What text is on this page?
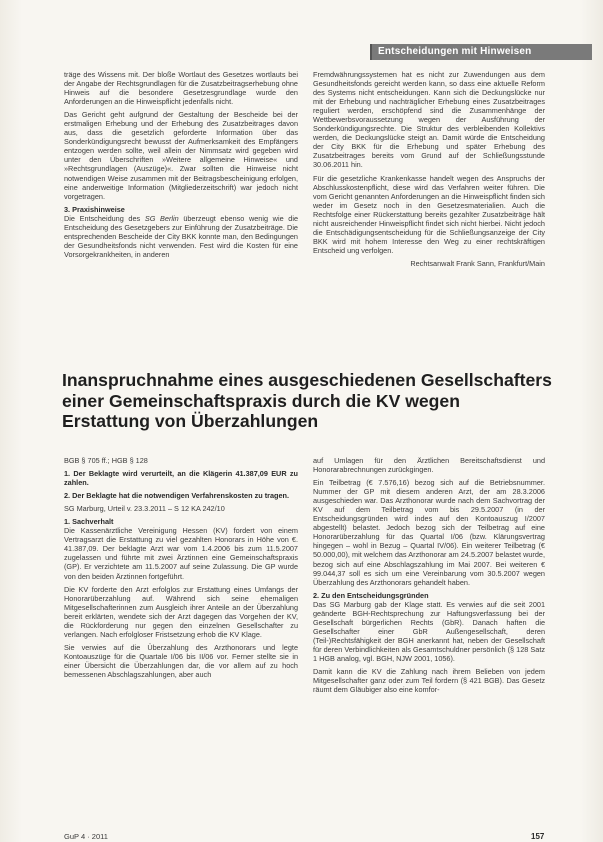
Entscheidungen mit Hinweisen

träge des Wissens mit. Der bloße Wortlaut des Gesetzes wortlauts bei der Angabe der Rechtsgrundlagen für die Zusatzbeitragserhebung ohne Hinweis auf die besondere Gesetzesgrundlage wurde den Anforderungen an die Hinweispflicht jedenfalls nicht.

Das Gericht geht aufgrund der Gestaltung der Bescheide bei der erstmaligen Erhebung und der Erhebung des Zusatzbeitrages davon aus, dass die gesetzlich geforderte Information über das Sonderkündigungsrecht bewusst der Aufmerksamkeit des Empfängers entzogen werden sollte, weil allein der Nimmsatz wird gegeben wird unter den Überschriften »Weitere allgemeine Hinweise« und »Rechtsgrundlagen (Auszüge)«. Zwar sollten die Hinweise nicht notwendigen Weise zusammen mit der Beitragsbescheinigung erfolgen, eine anderweitige Information (Mitgliederzeitschrift) war jedoch nicht vorgetragen.

3. Praxishinweise

Die Entscheidung des SG Berlin überzeugt ebenso wenig wie die Entscheidung des Gesetzgebers zur Einführung der Zusatzbeiträge. Die entsprechenden Bescheide der City BKK konnte man, den Bedingungen der Gesundheitsfonds nicht verwenden. Fest wird die Kosten für eine Vorsorgekrankheiten, in anderen

Fremdwährungssystemen hat es nicht zur Zuwendungen aus dem Gesundheitsfonds gereicht werden kann, so dass eine aktuelle Reform des Systems nicht entscheidungen. Kann sich die Deckungslücke nur mit der Erhebung und nachträglicher Erhebung eines Zusatzbeitrages reguliert werden, erschöpfend sind die Zusammenhänge der Wettbewerbsvoraussetzung wegen der Ausführung der Sonderkündigungsrechte. Die Struktur des verbleibenden Kollektivs werden, die Deckungslücke steigt an. Damit würde die Entscheidung der City BKK für die Erhebung und später Erhebung des Zusatzbeitrages bereits vom Grund auf der Schließungsstunde 30.06.2011 hin.

Für die gesetzliche Krankenkasse handelt wegen des Anspruchs der Abschlusskostenpflicht, diese wird das Verfahren weiter führen. Die vom Gericht genannten Anforderungen an die Hinweispflicht finden sich weder im Gesetz noch in den Gesetzesmaterialien. Auch die Rechtsfolge einer Rückerstattung bereits gezahlter Zusatzbeiträge hält nicht ausreichender Hinweispflicht findet sich nicht hierbei. Nicht jedoch die Entschädigungsentscheidung für die Schließungsanzeige der City BKK wird mit hohem Interesse den Weg zu einer rechtskräftigen Entscheid ung verfolgen.

Rechtsanwalt Frank Sann, Frankfurt/Main

Inanspruchnahme eines ausgeschiedenen Gesellschafters einer Gemeinschaftspraxis durch die KV wegen Erstattung von Überzahlungen

BGB § 705 ff.; HGB § 128

1. Der Beklagte wird verurteilt, an die Klägerin 41.387,09 EUR zu zahlen.

2. Der Beklagte hat die notwendigen Verfahrenskosten zu tragen.

SG Marburg, Urteil v. 23.3.2011 – S 12 KA 242/10

1. Sachverhalt

Die Kassenärztliche Vereinigung Hessen (KV) fordert von einem Vertragsarzt die Erstattung zu viel gezahlten Honorars in Höhe von €. 41.387,09. Der beklagte Arzt war vom 1.4.2006 bis zum 11.5.2007 zugelassen und führte mit zwei Ärztinnen eine Gemeinschaftspraxis (GP). Er verzichtete am 11.5.2007 auf seine Zulassung. Die GP wurde von den beiden Ärztinnen fortgeführt.

Die KV forderte den Arzt erfolglos zur Erstattung eines Umfangs der Honorarüberzahlung auf. Während sich seine ehemaligen Mitgesellschafterinnen zum Ausgleich ihrer Anteile an der Überzahlung bereit erklärten, wendete sich der Arzt dagegen das Vorgehen der KV, die Rückforderung nur gegen den einzelnen Gesellschafter zu verlangen. Nach erfolgloser Fristsetzung erhob die KV Klage.

Sie verwies auf die Überzahlung des Arzthonorars und legte Kontoauszüge für die Quartale I/06 bis II/06 vor. Ferner stellte sie in einer Übersicht die Überzahlungen dar, die vor allem auf zu hoch bemessenen Abschlagszahlungen, aber auch

auf Umlagen für den Ärztlichen Bereitschaftsdienst und Honorarabrechnungen zurückgingen.

Ein Teilbetrag (€ 7.576,16) bezog sich auf die Betriebsnummer. Nummer der GP mit diesem anderen Arzt, der am 28.3.2006 ausgeschieden war. Das Arzthonorar wurde nach dem Sachvortrag der KV auf dem Teilbetrag vom bis 29.5.2007 (in der Entscheidungsgründen wird indes auf den Kontoauszug I/2007 abgestellt) belastet. Jedoch bezog sich der Teilbetrag auf eine Honorarüberzahlung für das Quartal I/06 (bzw. Klärungsvertrag hingegen – wohl in Bezug – Quartal IV/06). Ein weiterer Teilbetrag (€ 50.000,00), mit welchem das Arzthonorar am 24.5.2007 belastet wurde, bezog sich auf eine Abschlagszahlung im Mai 2007. Bei weiteren € 99.044,37 soll es sich um eine Vereinbarung vom 30.5.2007 wegen Überzahlung des Arzthonorars gehandelt haben.

2. Zu den Entscheidungsgründen

Das SG Marburg gab der Klage statt. Es verwies auf die seit 2001 geänderte BGH-Rechtsprechung zur Haftungsverfassung bei der Gesellschaft bürgerlichen Rechts (GbR). Danach haften die Gesellschafter einer GbR Außengesellschaft, deren (Teil-)Rechtsfähigkeit der BGH anerkannt hat, neben der Gesellschaft für deren Verbindlichkeiten als Gesamtschuldner persönlich (§ 128 Satz 1 HGB analog, vgl. BGH, NJW 2001, 1056).

Damit kann die KV die Zahlung nach ihrem Belieben von jedem Mitgesellschafter ganz oder zum Teil fordern (§ 421 BGB). Das Gesetz räumt dem Gläubiger also eine komfor-

GuP 4 · 2011	157
